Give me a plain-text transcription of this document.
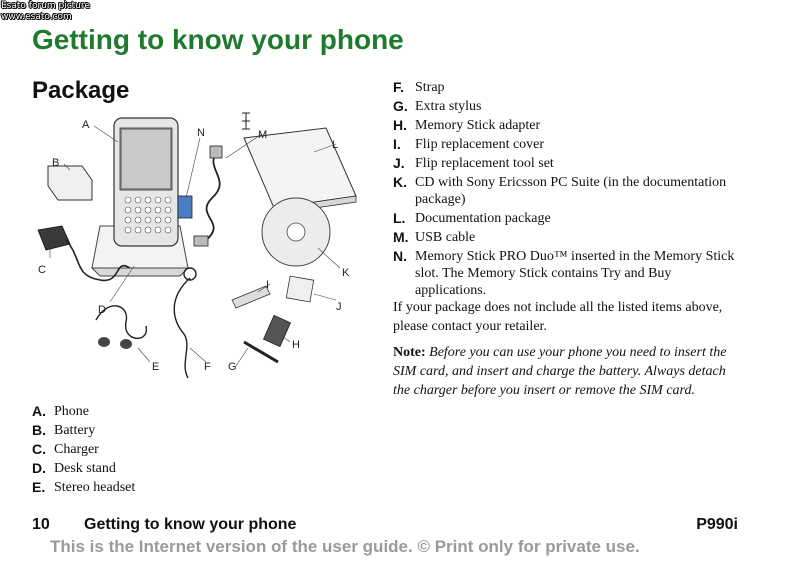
Esato forum picture
www.esato.com
Getting to know your phone
Package
A
B
C
D
E	F G
H
I
J
K
L
M
N
A. Phone
B. Battery
C. Charger
D. Desk stand
E. Stereo headset
F. Strap
G. Extra stylus
H. Memory Stick adapter
I.	Flip replacement cover
J. Flip replacement tool set
K. CD with Sony Ericsson PC Suite (in the documentation package)
L. Documentation package
M. USB cable
N. Memory Stick PRO Duo™ inserted in the Memory Stick slot. The Memory Stick contains Try and Buy applications.

If your package does not include all the listed items above, please contact your retailer.

Note: Before you can use your phone you need to insert the SIM card, and insert and charge the battery. Always detach the charger before you insert or remove the SIM card.

10 Getting to know your phone	P990i
This is the Internet version of the user guide. © Print only for private use.
